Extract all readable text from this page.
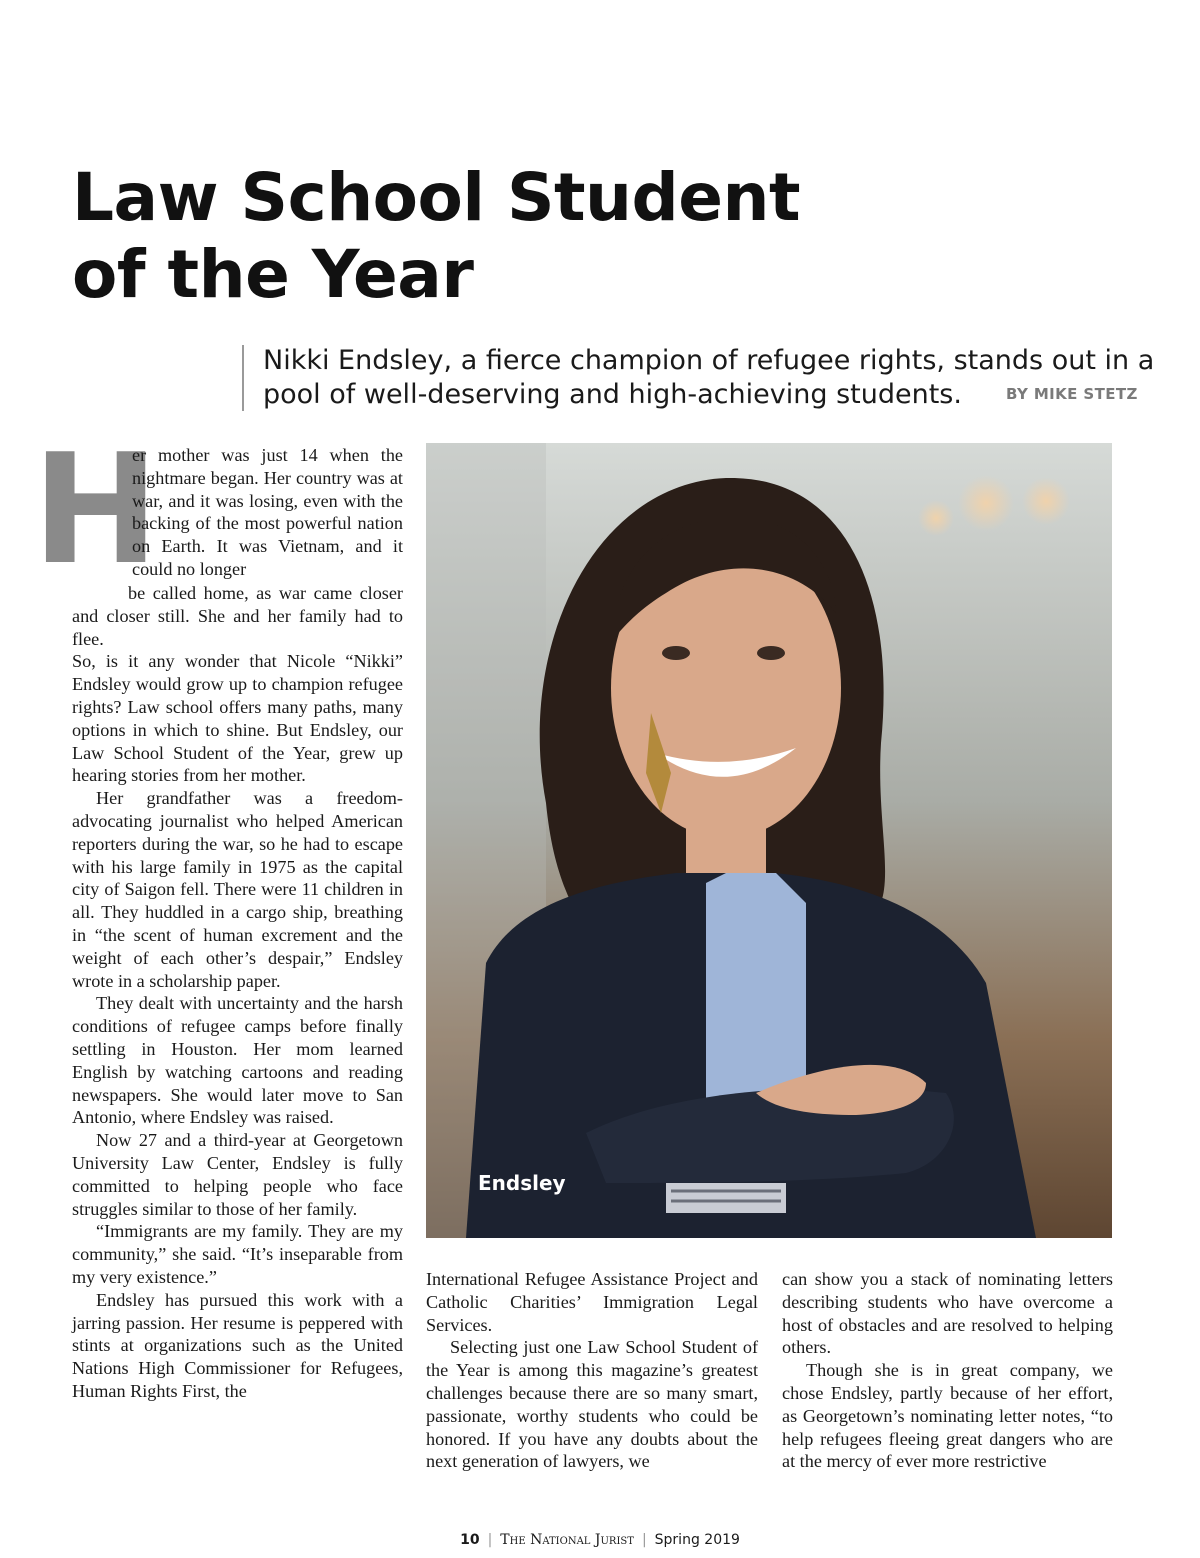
Law School Student
of the Year
Nikki Endsley, a fierce champion of refugee rights, stands out in a
pool of well-deserving and high-achieving students.	BY MIKE STETZ
H

er mother was just 14 when the nightmare began. Her country was at war, and it was losing, even with the backing of the most powerful nation on Earth. It was Vietnam, and it could no longer

be called home, as war came closer and closer still. She and her family had to flee.

So, is it any wonder that Nicole “Nikki” Endsley would grow up to champion refugee rights? Law school offers many paths, many options in which to shine. But Endsley, our Law School Student of the Year, grew up hearing stories from her mother.

Her grandfather was a freedom-advocating journalist who helped American reporters during the war, so he had to escape with his large family in 1975 as the capital city of Saigon fell. There were 11 children in all. They huddled in a cargo ship, breathing in “the scent of human excrement and the weight of each other’s despair,” Endsley wrote in a scholarship paper.

They dealt with uncertainty and the harsh conditions of refugee camps before finally settling in Houston. Her mom learned English by watching cartoons and reading newspapers. She would later move to San Antonio, where Endsley was raised.

Now 27 and a third-year at Georgetown University Law Center, Endsley is fully committed to helping people who face struggles similar to those of her family.

“Immigrants are my family. They are my community,” she said. “It’s inseparable from my very existence.”

Endsley has pursued this work with a jarring passion. Her resume is peppered with stints at organizations such as the United Nations High Commissioner for Refugees, Human Rights First, the

Endsley

International Refugee Assistance Project and Catholic Charities’ Immigration Legal Services.

Selecting just one Law School Student of the Year is among this magazine’s greatest challenges because there are so many smart, passionate, worthy students who could be honored. If you have any doubts about the next generation of lawyers, we

can show you a stack of nominating letters describing students who have overcome a host of obstacles and are resolved to helping others.

Though she is in great company, we chose Endsley, partly because of her effort, as Georgetown’s nominating letter notes, “to help refugees fleeing great dangers who are at the mercy of ever more restrictive

10 | The National Jurist | Spring 2019
